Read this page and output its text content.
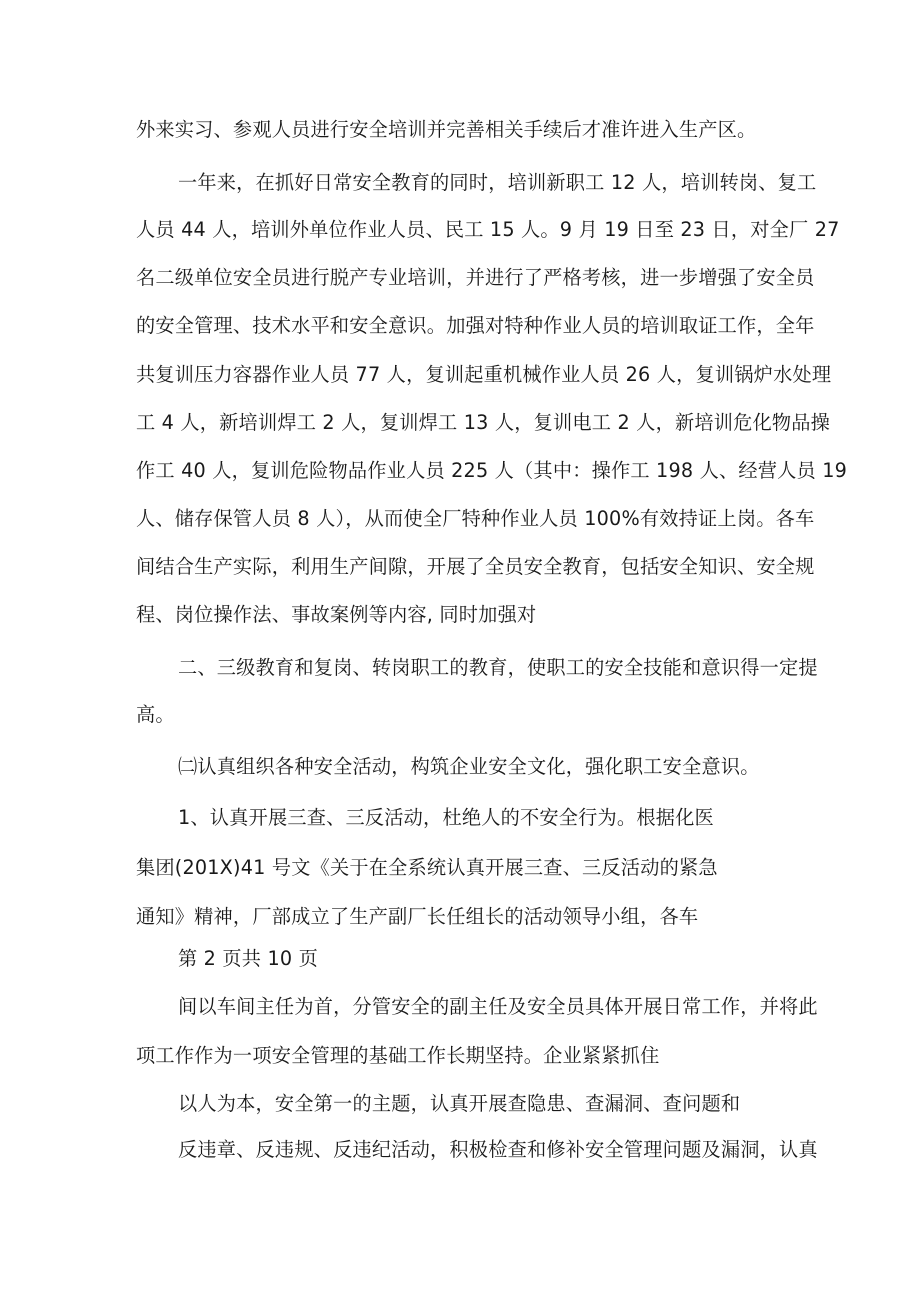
外来实习、参观人员进行安全培训并完善相关手续后才准许进入生产区。
一年来，在抓好日常安全教育的同时，培训新职工 12 人，培训转岗、复工
人员 44 人，培训外单位作业人员、民工 15 人。9 月 19 日至 23 日，对全厂 27
名二级单位安全员进行脱产专业培训，并进行了严格考核，进一步增强了安全员
的安全管理、技术水平和安全意识。加强对特种作业人员的培训取证工作，全年
共复训压力容器作业人员 77 人，复训起重机械作业人员 26 人，复训锅炉水处理
工 4 人，新培训焊工 2 人，复训焊工 13 人，复训电工 2 人，新培训危化物品操
作工 40 人，复训危险物品作业人员 225 人（其中：操作工 198 人、经营人员 19
人、储存保管人员 8 人），从而使全厂特种作业人员 100%有效持证上岗。各车
间结合生产实际，利用生产间隙，开展了全员安全教育，包括安全知识、安全规
程、岗位操作法、事故案例等内容, 同时加强对
二、三级教育和复岗、转岗职工的教育，使职工的安全技能和意识得一定提
高。
㈡认真组织各种安全活动，构筑企业安全文化，强化职工安全意识。
1、认真开展三查、三反活动，杜绝人的不安全行为。根据化医
集团(201X)41 号文《关于在全系统认真开展三查、三反活动的紧急
通知》精神，厂部成立了生产副厂长任组长的活动领导小组，各车
第 2 页共 10 页
间以车间主任为首，分管安全的副主任及安全员具体开展日常工作，并将此
项工作作为一项安全管理的基础工作长期坚持。企业紧紧抓住
以人为本，安全第一的主题，认真开展查隐患、查漏洞、查问题和
反违章、反违规、反违纪活动，积极检查和修补安全管理问题及漏洞，认真
